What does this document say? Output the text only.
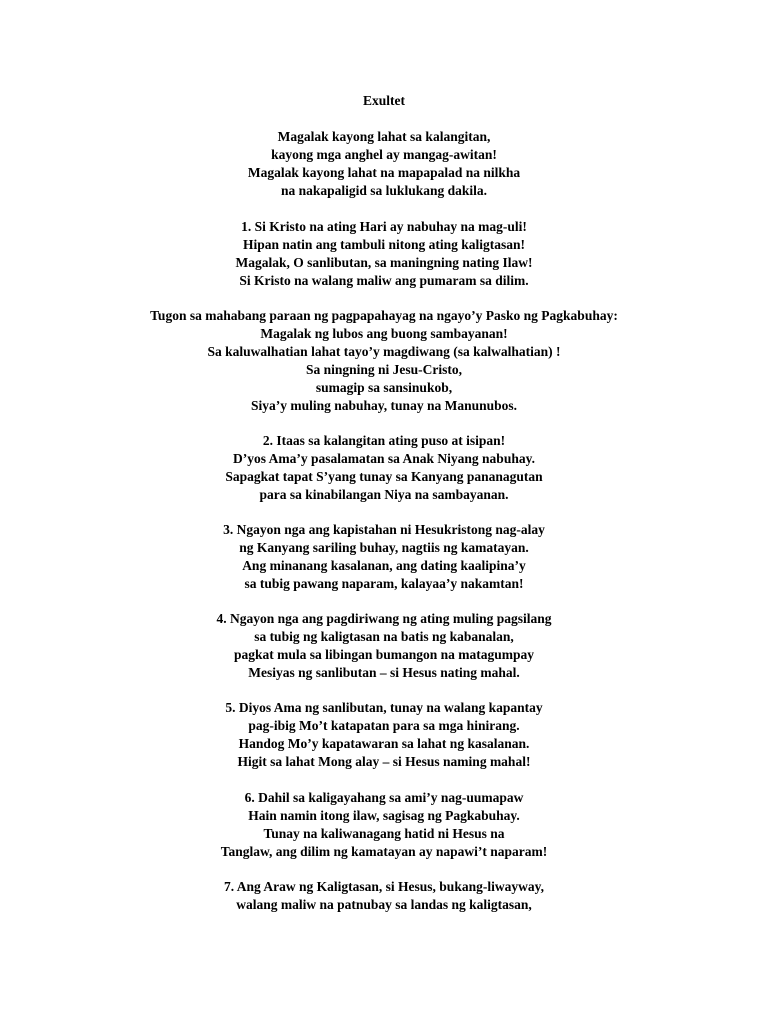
Exultet
Magalak kayong lahat sa kalangitan,
kayong mga anghel ay mangag-awitan!
Magalak kayong lahat na mapapalad na nilkha
na nakapaligid sa luklukang dakila.
1. Si Kristo na ating Hari ay nabuhay na mag-uli!
Hipan natin ang tambuli nitong ating kaligtasan!
Magalak, O sanlibutan, sa maningning nating Ilaw!
Si Kristo na walang maliw ang pumaram sa dilim.
Tugon sa mahabang paraan ng pagpapahayag na ngayo’y Pasko ng Pagkabuhay:
Magalak ng lubos ang buong sambayanan!
Sa kaluwalhatian lahat tayo’y magdiwang (sa kalwalhatian) !
Sa ningning ni Jesu-Cristo,
sumagip sa sansinukob,
Siya’y muling nabuhay, tunay na Manunubos.
2. Itaas sa kalangitan ating puso at isipan!
D’yos Ama’y pasalamatan sa Anak Niyang nabuhay.
Sapagkat tapat S’yang tunay sa Kanyang pananagutan
para sa kinabilangan Niya na sambayanan.
3. Ngayon nga ang kapistahan ni Hesukristong nag-alay
ng Kanyang sariling buhay, nagtiis ng kamatayan.
Ang minanang kasalanan, ang dating kaalipina’y
sa tubig pawang naparam, kalayaa’y nakamtan!
4. Ngayon nga ang pagdiriwang ng ating muling pagsilang
sa tubig ng kaligtasan na batis ng kabanalan,
pagkat mula sa libingan bumangon na matagumpay
Mesiyas ng sanlibutan – si Hesus nating mahal.
5. Diyos Ama ng sanlibutan, tunay na walang kapantay
pag-ibig Mo’t katapatan para sa mga hinirang.
Handog Mo’y kapatawaran sa lahat ng kasalanan.
Higit sa lahat Mong alay – si Hesus naming mahal!
6. Dahil sa kaligayahang sa ami’y nag-uumapaw
Hain namin itong ilaw, sagisag ng Pagkabuhay.
Tunay na kaliwanagang hatid ni Hesus na
Tanglaw, ang dilim ng kamatayan ay napawi’t naparam!
7. Ang Araw ng Kaligtasan, si Hesus, bukang-liwayway,
walang maliw na patnubay sa landas ng kaligtasan,
